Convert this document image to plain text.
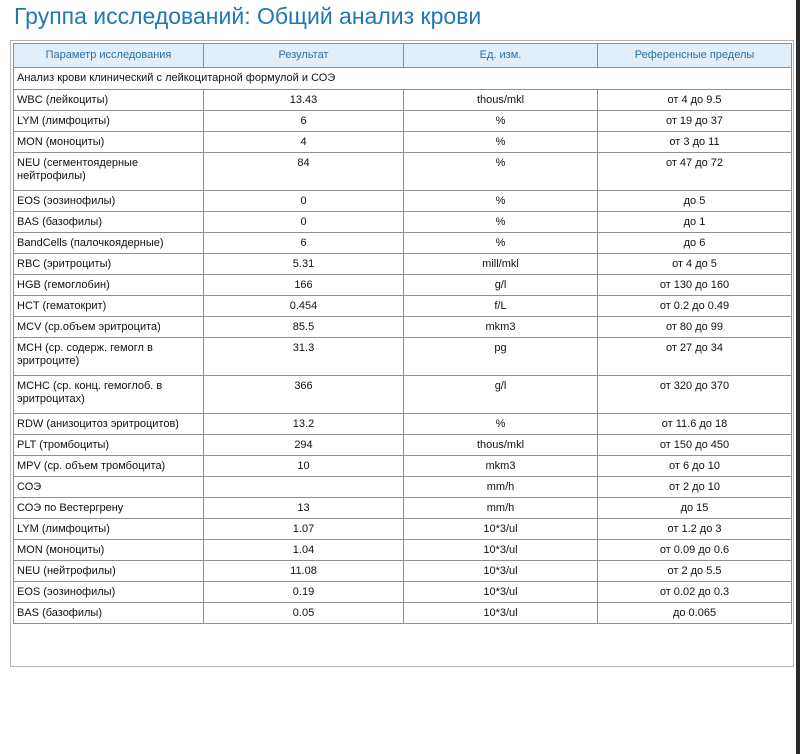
Группа исследований: Общий анализ крови
Параметр исследования	Результат	Ед. изм.	Референсные пределы
Анализ крови клинический с лейкоцитарной формулой и СОЭ			
WBC (лейкоциты)	13.43	thous/mkl	от 4 до 9.5
LYM (лимфоциты)	6	%	от 19 до 37
MON (моноциты)	4	%	от 3 до 11
NEU (сегментоядерные нейтрофилы)	84	%	от 47 до 72
EOS (эозинофилы)	0	%	до 5
BAS (базофилы)	0	%	до 1
BandCells (палочкоядерные)	6	%	до 6
RBC (эритроциты)	5.31	mill/mkl	от 4 до 5
HGB (гемоглобин)	166	g/l	от 130 до 160
HCT (гематокрит)	0.454	f/L	от 0.2 до 0.49
MCV (ср.объем эритроцита)	85.5	mkm3	от 80 до 99
MCH (ср. содерж. гемогл в эритроците)	31.3	pg	от 27 до 34
MCHC (ср. конц. гемоглоб. в эритроцитах)	366	g/l	от 320 до 370
RDW (анизоцитоз эритроцитов)	13.2	%	от 11.6 до 18
PLT (тромбоциты)	294	thous/mkl	от 150 до 450
MPV (ср. объем тромбоцита)	10	mkm3	от 6 до 10
СОЭ		mm/h	от 2 до 10
СОЭ по Вестергрену	13	mm/h	до 15
LYM (лимфоциты)	1.07	10*3/ul	от 1.2 до 3
MON (моноциты)	1.04	10*3/ul	от 0.09 до 0.6
NEU (нейтрофилы)	11.08	10*3/ul	от 2 до 5.5
EOS (эозинофилы)	0.19	10*3/ul	от 0.02 до 0.3
BAS (базофилы)	0.05	10*3/ul	до 0.065
